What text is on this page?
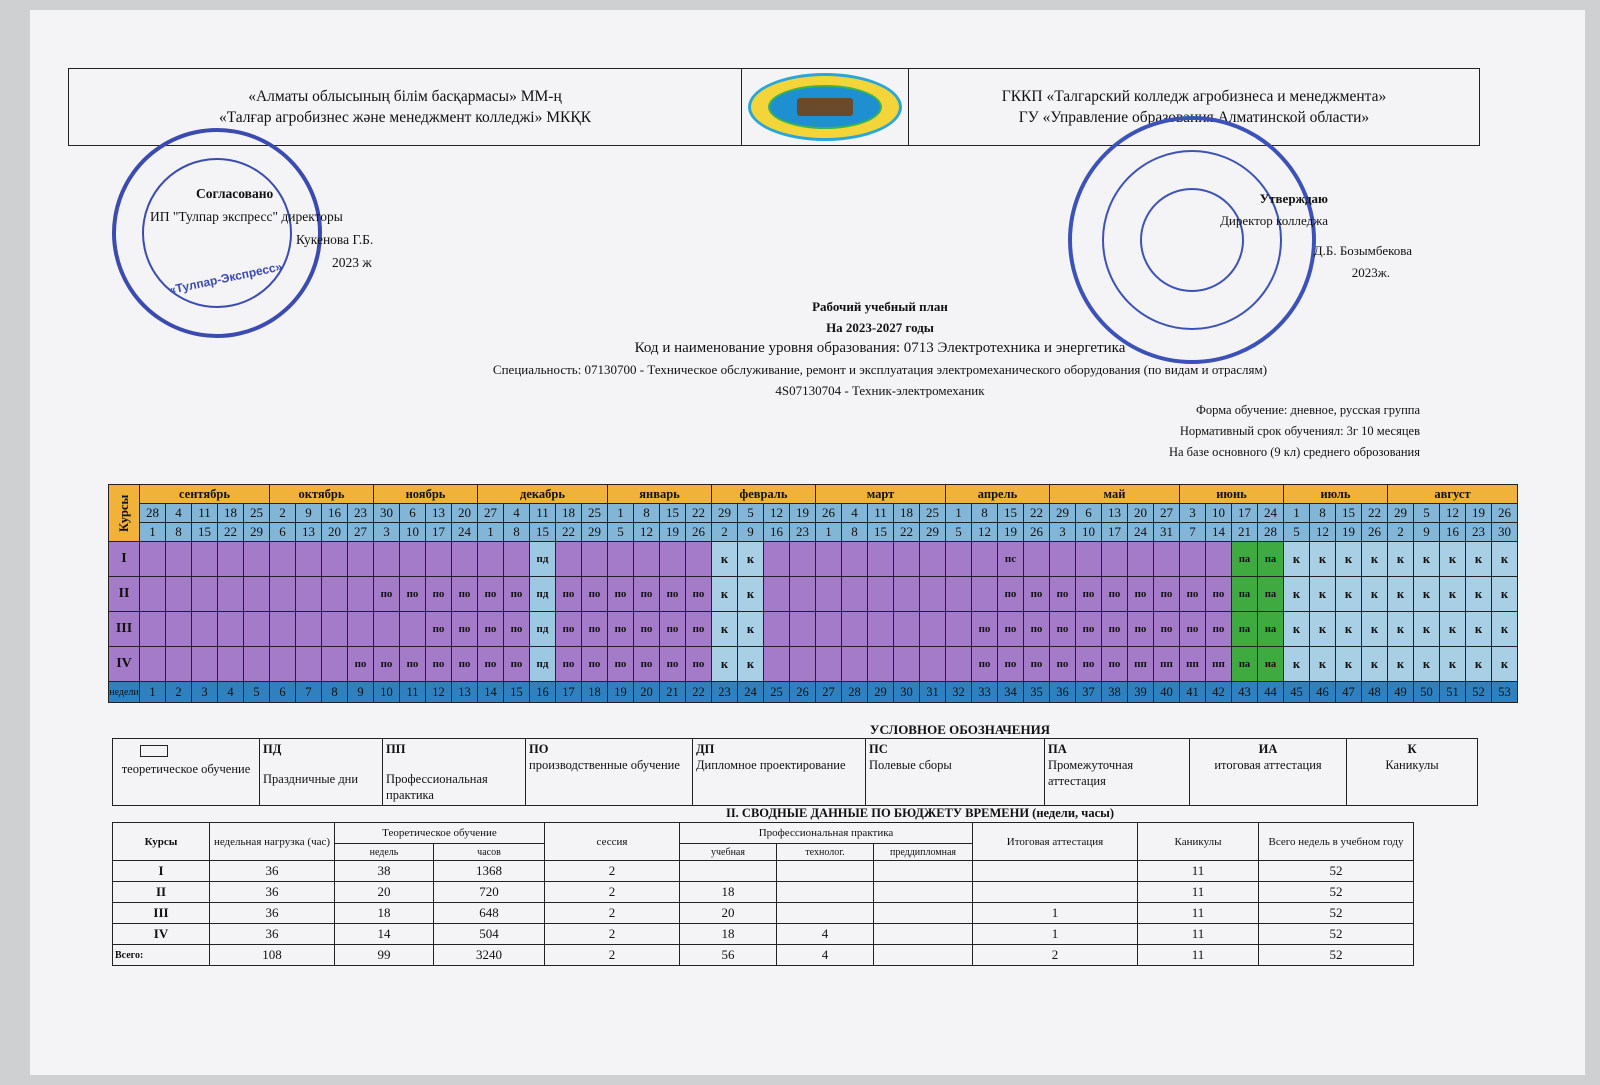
«Алматы облысының білім басқармасы» ММ-ң
«Талғар агробизнес және менеджмент колледжі» МКҚК
ГККП «Талгарский колледж агробизнеса и менеджмента»
ГУ «Управление образования Алматинской области»
«Тулпар-Экспресс»
Согласовано
ИП "Тулпар экспресс" директоры
Кукенова Г.Б.
2023 ж
Утверждаю
Директор колледжа
Д.Б. Бозымбекова
2023ж.
Рабочий учебный план
На 2023-2027 годы
Код и наименование уровня образования: 0713 Электротехника и энергетика
Специальность: 07130700 - Техническое обслуживание, ремонт и эксплуатация электромеханического оборудования (по видам и отраслям)
4S07130704 - Техник-электромеханик
Форма обучение: дневное, русская группа
Нормативный срок обучениял: 3г 10 месяцев
На базе основного (9 кл) среднего оброзования
Курсы	сентябрь					октябрь				ноябрь				декабрь					январь				февраль				март					апрель				май					июнь				июль				август				
	28	4	11	18	25	2	9	16	23	30	6	13	20	27	4	11	18	25	1	8	15	22	29	5	12	19	26	4	11	18	25	1	8	15	22	29	6	13	20	27	3	10	17	24	1	8	15	22	29	5	12	19	26
	1	8	15	22	29	6	13	20	27	3	10	17	24	1	8	15	22	29	5	12	19	26	2	9	16	23	1	8	15	22	29	5	12	19	26	3	10	17	24	31	7	14	21	28	5	12	19	26	2	9	16	23	30
I																пд							к	к										пс									па	па	к	к	к	к	к	к	к	к	к
II										по	по	по	по	по	по	пд	по	по	по	по	по	по	к	к										по	по	по	по	по	по	по	по	по	па	па	к	к	к	к	к	к	к	к	к
III												по	по	по	по	пд	по	по	по	по	по	по	к	к									по	по	по	по	по	по	по	по	по	по	па	иа	к	к	к	к	к	к	к	к	к
IV									по	по	по	по	по	по	по	пд	по	по	по	по	по	по	к	к									по	по	по	по	по	по	пп	пп	пп	пп	па	иа	к	к	к	к	к	к	к	к	к
недели	1	2	3	4	5	6	7	8	9	10	11	12	13	14	15	16	17	18	19	20	21	22	23	24	25	26	27	28	29	30	31	32	33	34	35	36	37	38	39	40	41	42	43	44	45	46	47	48	49	50	51	52	53
УСЛОВНОЕ ОБОЗНАЧЕНИЯ
теоретическое обучение

ПД
Праздничные дни

ПП
Профессиональная практика

ПО
производственные обучение

ДП
Дипломное проектирование

ПС
Полевые сборы

ПА
Промежуточная аттестация

ИА
итоговая аттестация

К
Каникулы
II. СВОДНЫЕ ДАННЫЕ ПО БЮДЖЕТУ ВРЕМЕНИ (недели, часы)
Курсы	недельная нагрузка (час)	Теоретическое обучение		сессия	Профессиональная практика			Итоговая аттестация	Каникулы	Всего недель в учебном году
		недель	часов		учебная	технолог.	преддипломная			
I	36	38	1368	2					11	52
II	36	20	720	2	18				11	52
III	36	18	648	2	20			1	11	52
IV	36	14	504	2	18	4		1	11	52
Всего:	108	99	3240	2	56	4		2	11	52
